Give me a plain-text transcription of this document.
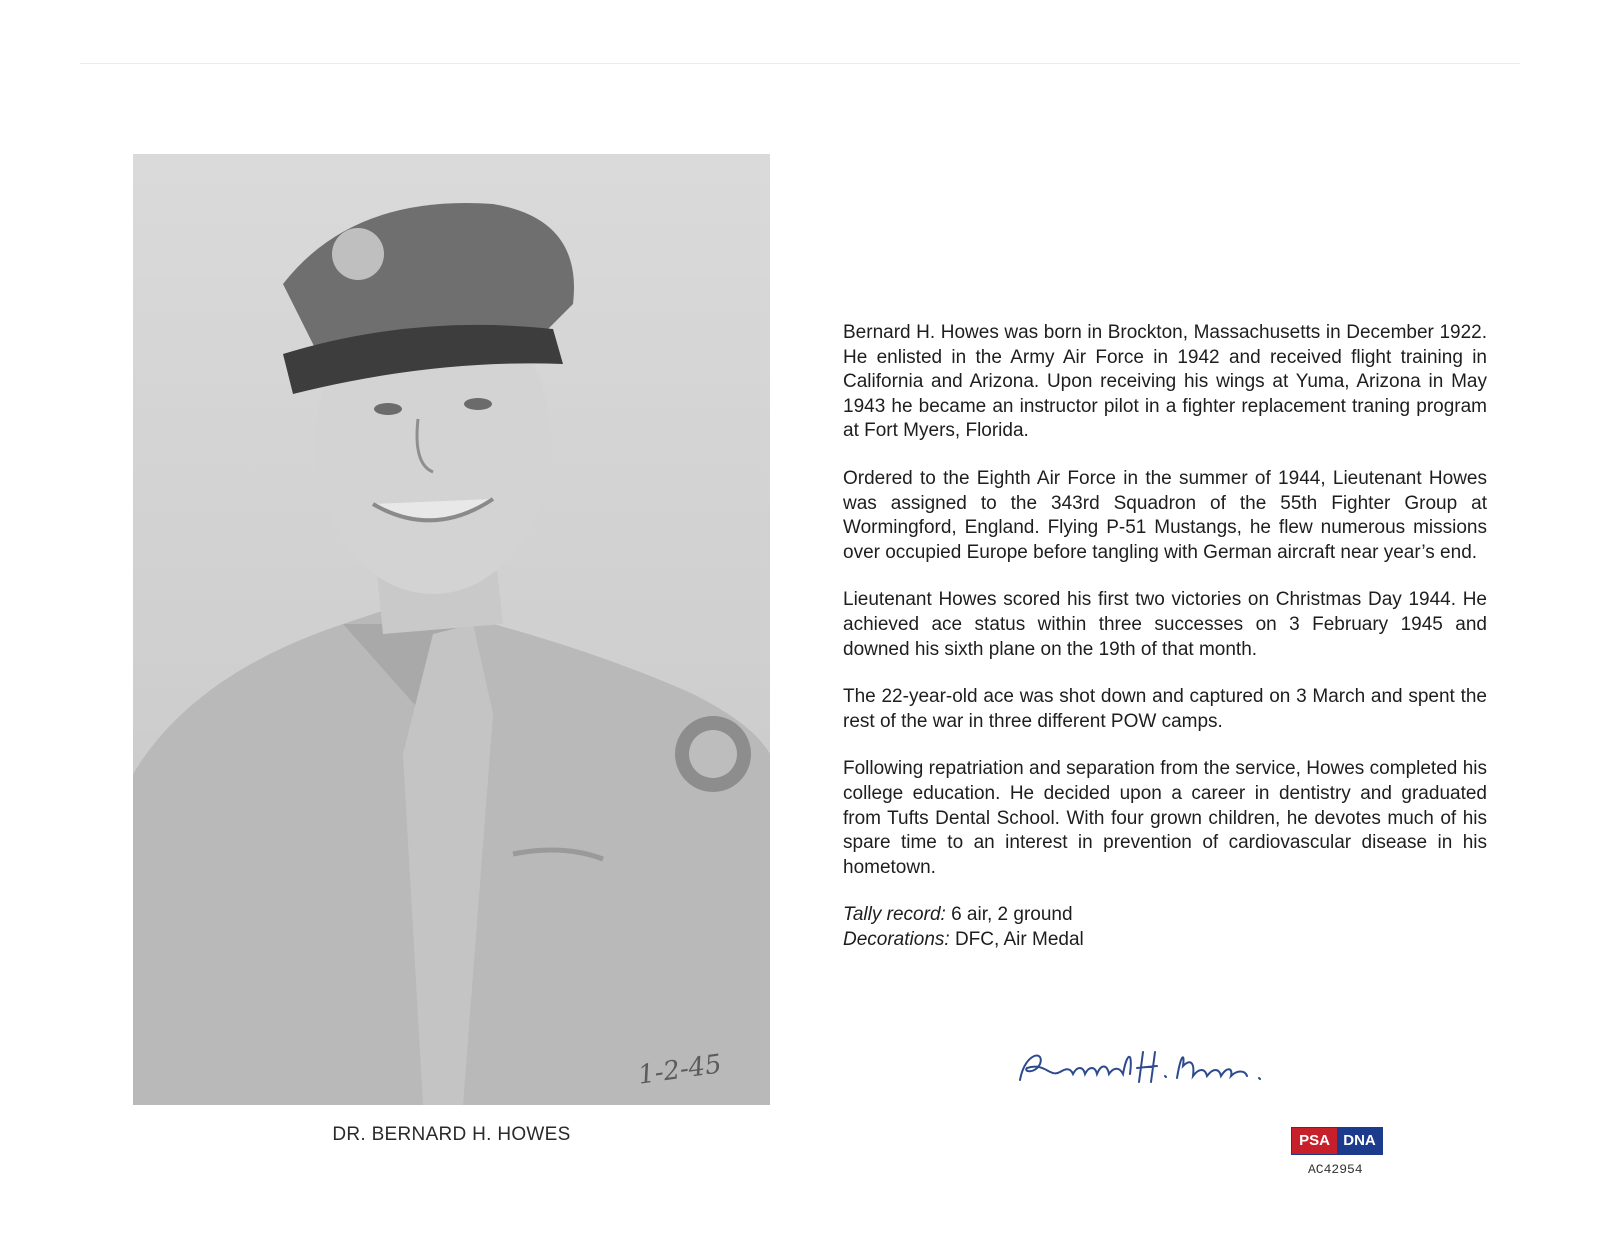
1-2-45
DR. BERNARD H. HOWES

Bernard H. Howes was born in Brockton, Massachusetts in December 1922. He enlisted in the Army Air Force in 1942 and received flight training in California and Arizona. Upon receiving his wings at Yuma, Arizona in May 1943 he became an instructor pilot in a fighter replacement traning program at Fort Myers, Florida.

Ordered to the Eighth Air Force in the summer of 1944, Lieutenant Howes was assigned to the 343rd Squadron of the 55th Fighter Group at Wormingford, England. Flying P-51 Mustangs, he flew numerous missions over occupied Europe before tangling with German aircraft near year’s end.

Lieutenant Howes scored his first two victories on Christmas Day 1944. He achieved ace status within three successes on 3 February 1945 and downed his sixth plane on the 19th of that month.

The 22-year-old ace was shot down and captured on 3 March and spent the rest of the war in three different POW camps.

Following repatriation and separation from the service, Howes completed his college education. He decided upon a career in dentistry and graduated from Tufts Dental School. With four grown children, he devotes much of his spare time to an interest in prevention of cardiovascular disease in his hometown.

Tally record: 6 air, 2 ground
Decorations: DFC, Air Medal
PSA DNA
AC42954
